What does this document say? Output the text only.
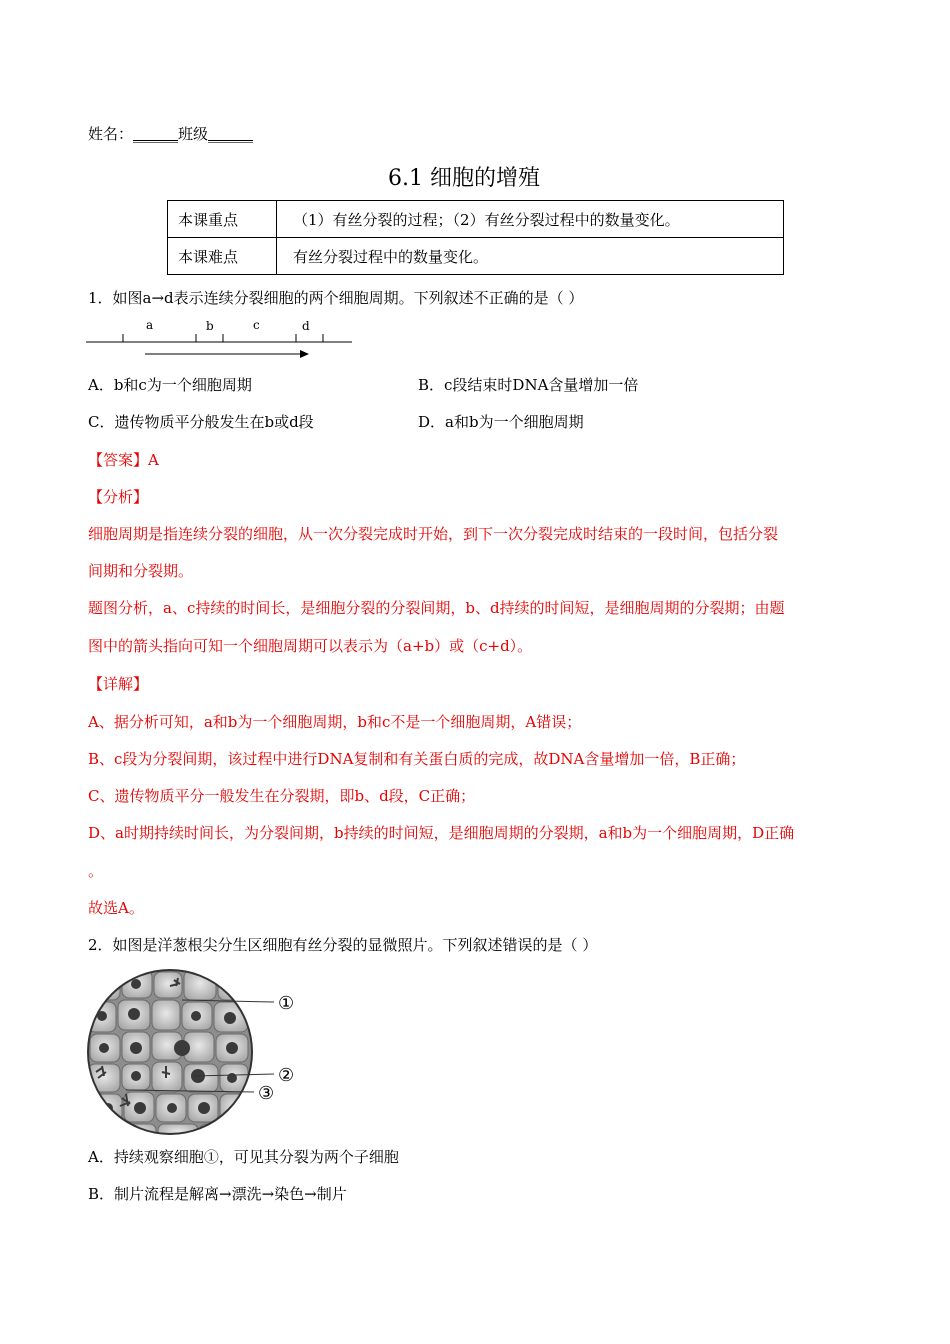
姓名：______班级______
6.1 细胞的增殖
本课重点	（1）有丝分裂的过程；（2）有丝分裂过程中的数量变化。
本课难点	有丝分裂过程中的数量变化。
1．如图a→d表示连续分裂细胞的两个细胞周期。下列叙述不正确的是（ ）
a	b	c	d
A．b和c为一个细胞周期	B．c段结束时DNA含量增加一倍
C．遗传物质平分般发生在b或d段	D．a和b为一个细胞周期
【答案】A
【分析】
细胞周期是指连续分裂的细胞，从一次分裂完成时开始，到下一次分裂完成时结束的一段时间，包括分裂
间期和分裂期。
题图分析，a、c持续的时间长，是细胞分裂的分裂间期，b、d持续的时间短，是细胞周期的分裂期；由题
图中的箭头指向可知一个细胞周期可以表示为（a+b）或（c+d）。
【详解】
A、据分析可知，a和b为一个细胞周期，b和c不是一个细胞周期，A错误；
B、c段为分裂间期，该过程中进行DNA复制和有关蛋白质的完成，故DNA含量增加一倍，B正确；
C、遗传物质平分一般发生在分裂期，即b、d段，C正确；
D、a时期持续时间长，为分裂间期，b持续的时间短，是细胞周期的分裂期，a和b为一个细胞周期，D正确
。
故选A。
2．如图是洋葱根尖分生区细胞有丝分裂的显微照片。下列叙述错误的是（ ）
①
②
③
A．持续观察细胞①，可见其分裂为两个子细胞
B．制片流程是解离→漂洗→染色→制片
